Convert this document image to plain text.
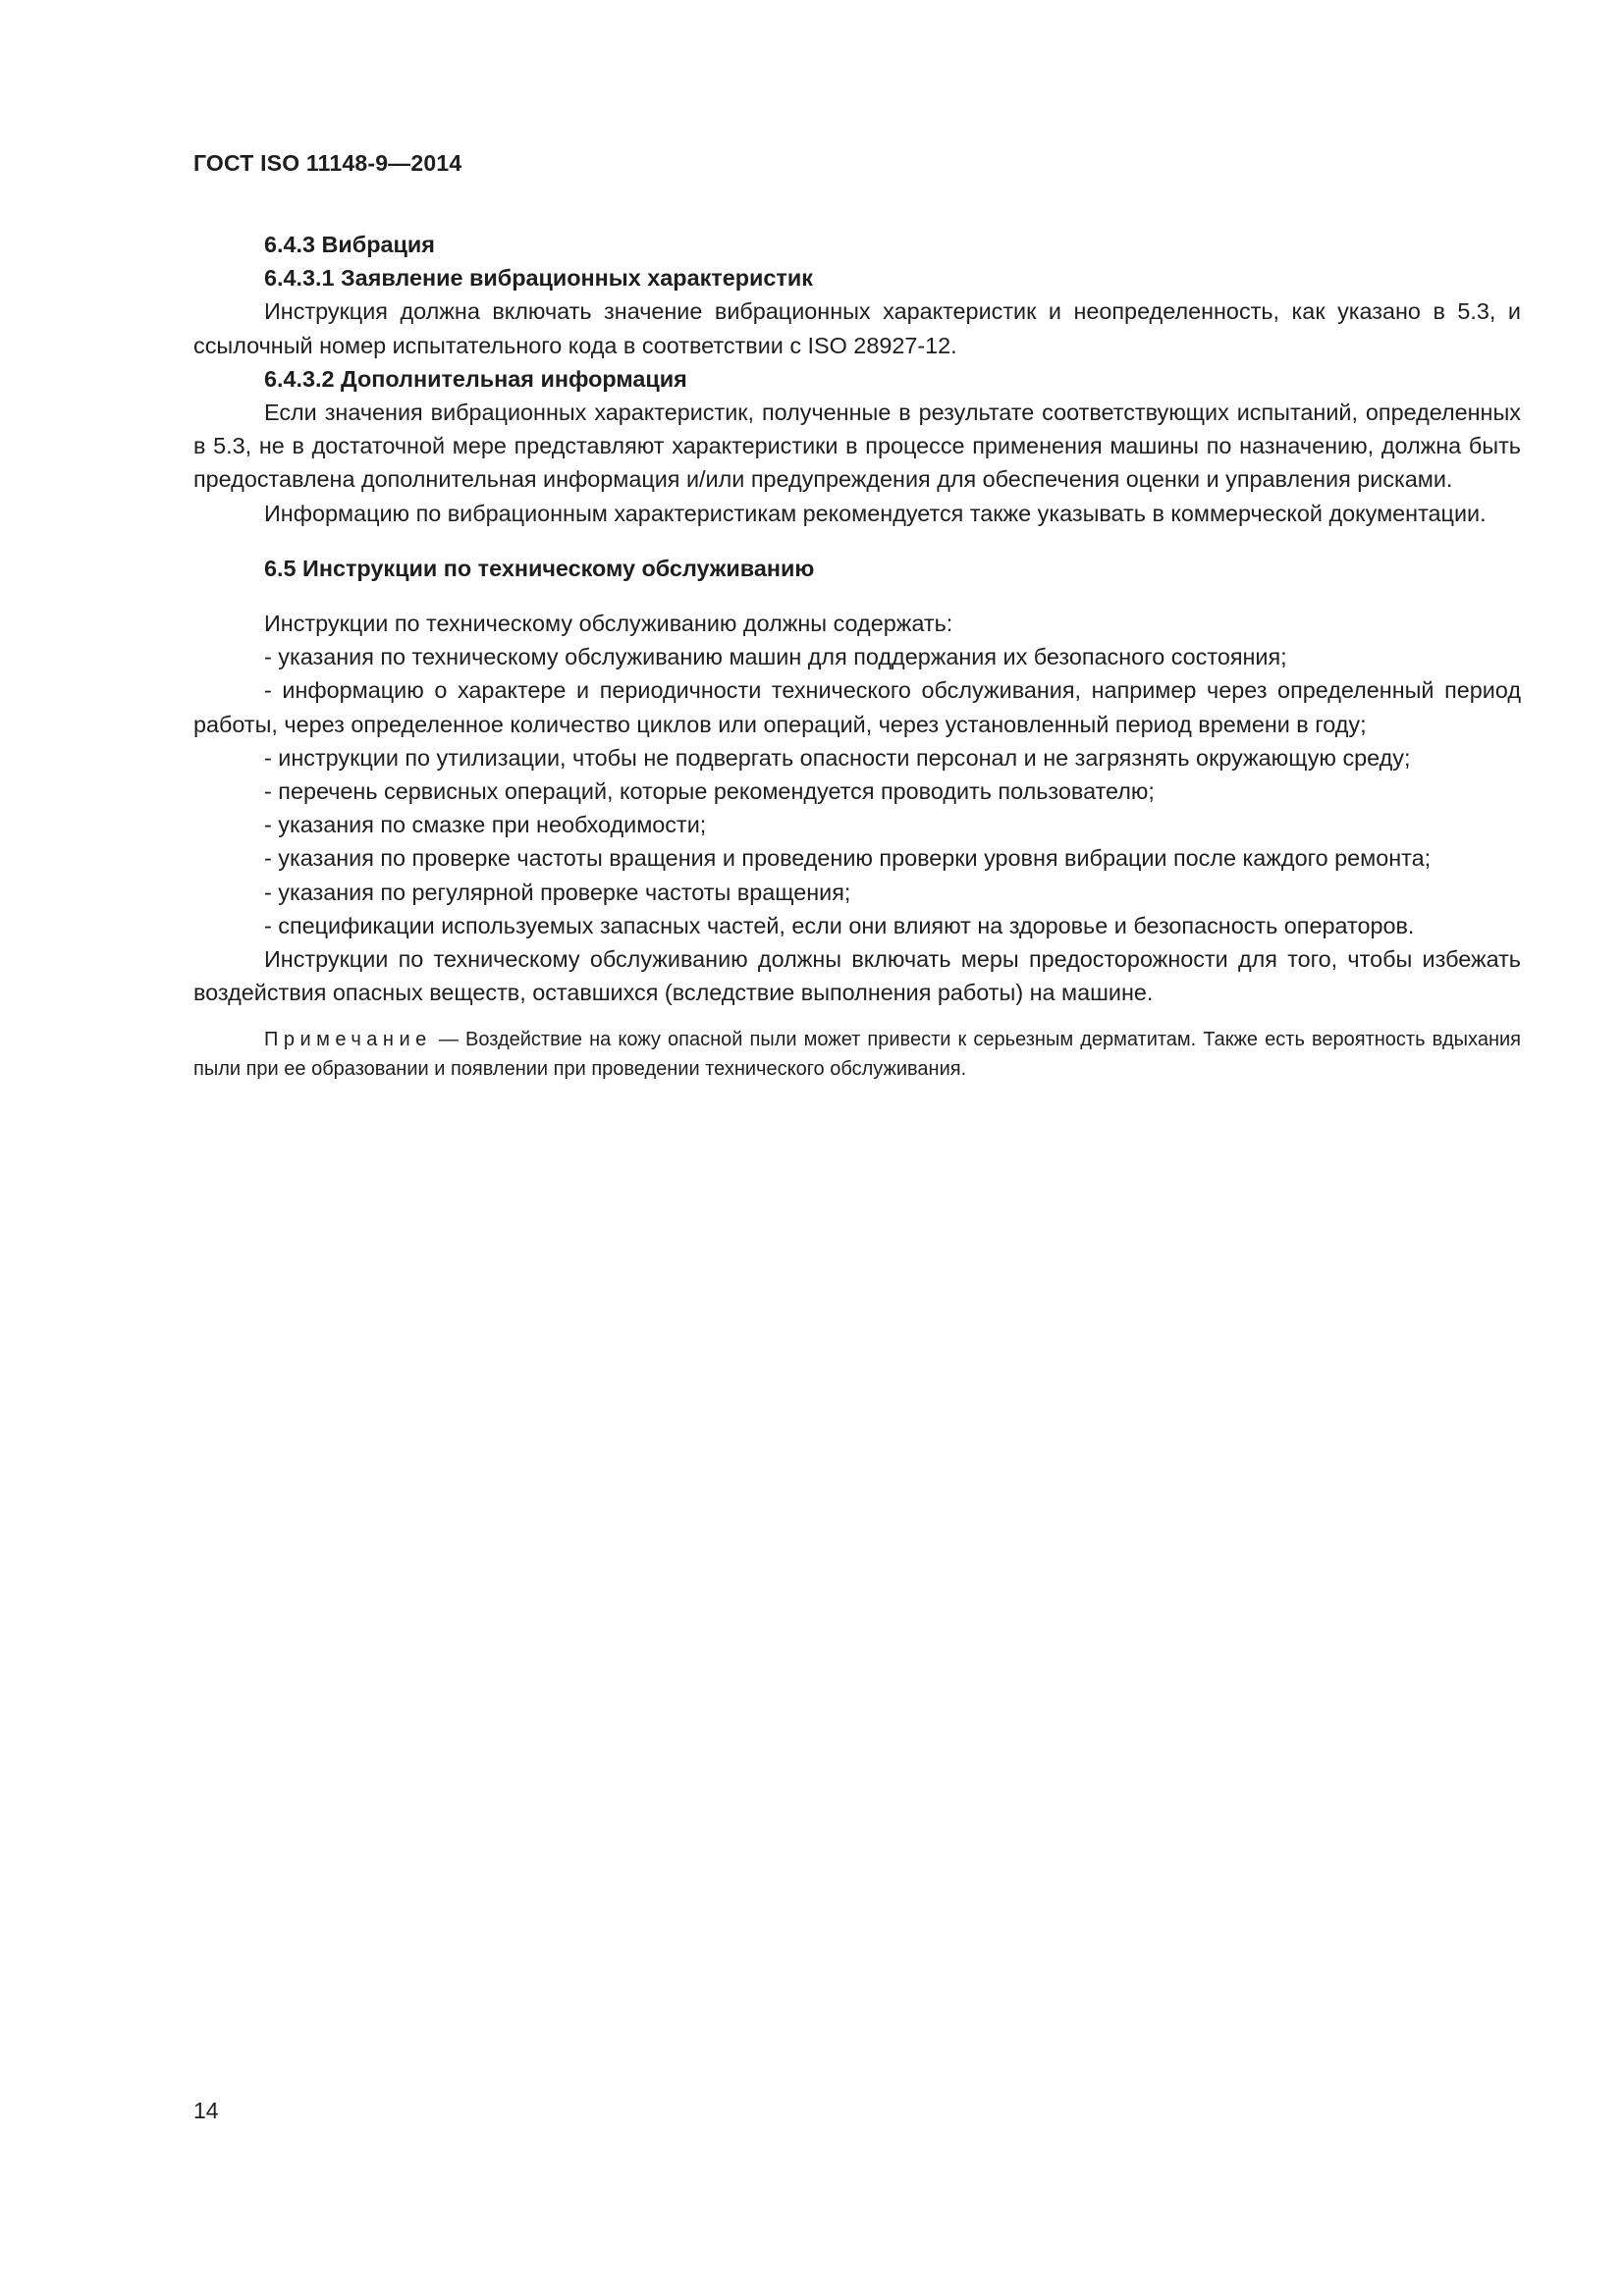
ГОСТ ISO 11148-9—2014

6.4.3 Вибрация

6.4.3.1 Заявление вибрационных характеристик

Инструкция должна включать значение вибрационных характеристик и неопределенность, как указано в 5.3, и ссылочный номер испытательного кода в соответствии с ISO 28927-12.

6.4.3.2 Дополнительная информация

Если значения вибрационных характеристик, полученные в результате соответствующих испытаний, определенных в 5.3, не в достаточной мере представляют характеристики в процессе применения машины по назначению, должна быть предоставлена дополнительная информация и/или предупреждения для обеспечения оценки и управления рисками.

Информацию по вибрационным характеристикам рекомендуется также указывать в коммерческой документации.

6.5 Инструкции по техническому обслуживанию

Инструкции по техническому обслуживанию должны содержать:

- указания по техническому обслуживанию машин для поддержания их безопасного состояния;

- информацию о характере и периодичности технического обслуживания, например через определенный период работы, через определенное количество циклов или операций, через установленный период времени в году;

- инструкции по утилизации, чтобы не подвергать опасности персонал и не загрязнять окружающую среду;

- перечень сервисных операций, которые рекомендуется проводить пользователю;

- указания по смазке при необходимости;

- указания по проверке частоты вращения и проведению проверки уровня вибрации после каждого ремонта;

- указания по регулярной проверке частоты вращения;

- спецификации используемых запасных частей, если они влияют на здоровье и безопасность операторов.

Инструкции по техническому обслуживанию должны включать меры предосторожности для того, чтобы избежать воздействия опасных веществ, оставшихся (вследствие выполнения работы) на машине.

Примечание — Воздействие на кожу опасной пыли может привести к серьезным дерматитам. Также есть вероятность вдыхания пыли при ее образовании и появлении при проведении технического обслуживания.

14
